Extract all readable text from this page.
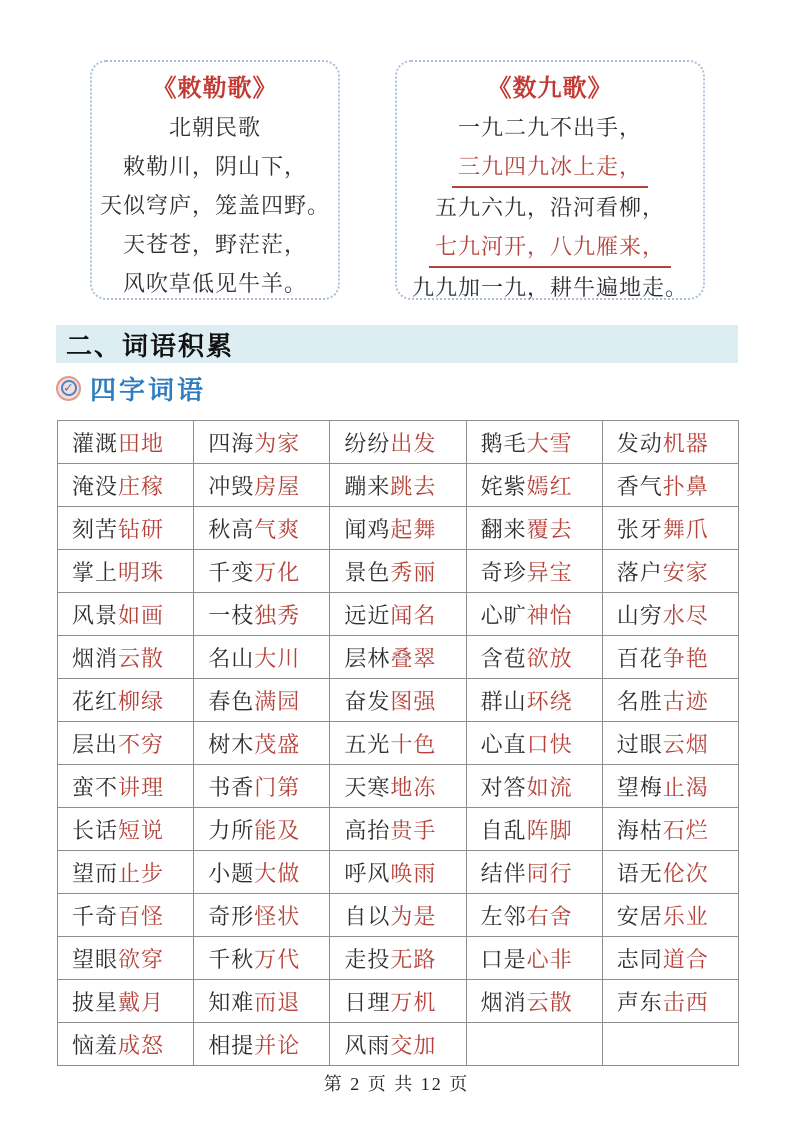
《敕勒歌》
北朝民歌
敕勒川，阴山下，
天似穹庐，笼盖四野。
天苍苍，野茫茫，
风吹草低见牛羊。
《数九歌》
一九二九不出手，
三九四九冰上走，
五九六九，沿河看柳，
七九河开，八九雁来，
九九加一九，耕牛遍地走。
二、词语积累
✓ 四字词语
灌溉田地	四海为家	纷纷出发	鹅毛大雪	发动机器
淹没庄稼	冲毁房屋	蹦来跳去	姹紫嫣红	香气扑鼻
刻苦钻研	秋高气爽	闻鸡起舞	翻来覆去	张牙舞爪
掌上明珠	千变万化	景色秀丽	奇珍异宝	落户安家
风景如画	一枝独秀	远近闻名	心旷神怡	山穷水尽
烟消云散	名山大川	层林叠翠	含苞欲放	百花争艳
花红柳绿	春色满园	奋发图强	群山环绕	名胜古迹
层出不穷	树木茂盛	五光十色	心直口快	过眼云烟
蛮不讲理	书香门第	天寒地冻	对答如流	望梅止渴
长话短说	力所能及	高抬贵手	自乱阵脚	海枯石烂
望而止步	小题大做	呼风唤雨	结伴同行	语无伦次
千奇百怪	奇形怪状	自以为是	左邻右舍	安居乐业
望眼欲穿	千秋万代	走投无路	口是心非	志同道合
披星戴月	知难而退	日理万机	烟消云散	声东击西
恼羞成怒	相提并论	风雨交加		
第 2 页 共 12 页
